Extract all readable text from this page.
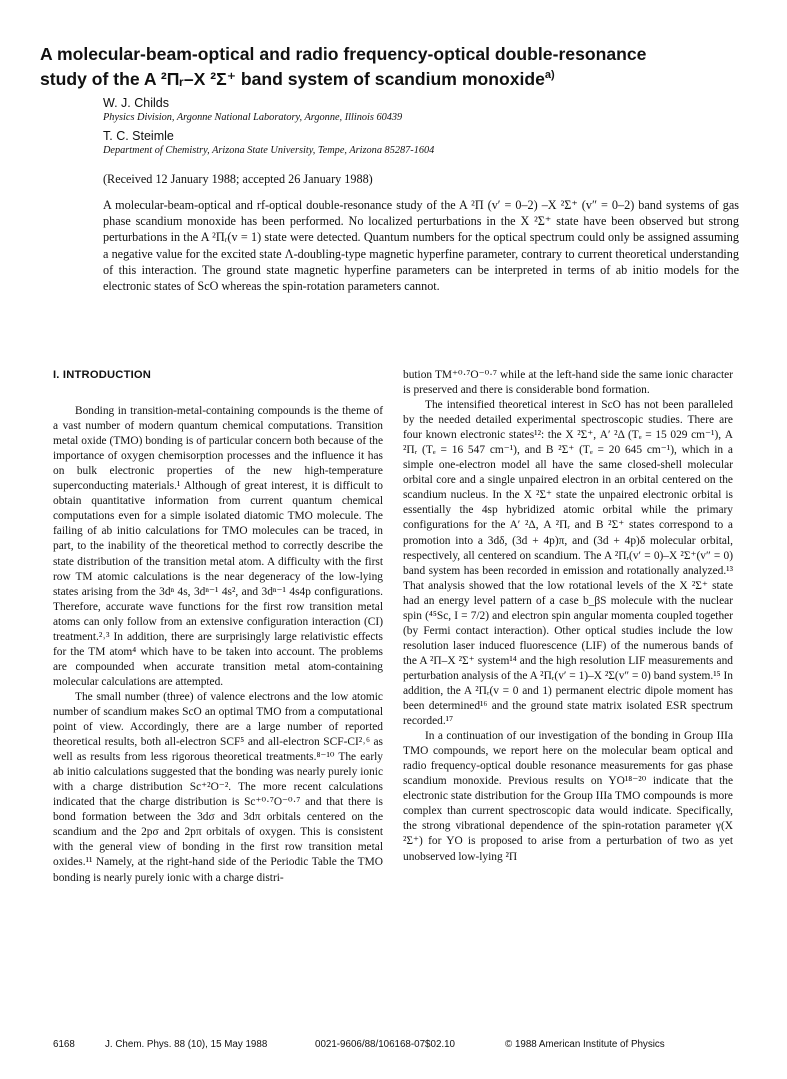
A molecular-beam-optical and radio frequency-optical double-resonance
study of the A ²Πᵣ–X ²Σ⁺ band system of scandium monoxide$^{a)}$

W. J. Childs

Physics Division, Argonne National Laboratory, Argonne, Illinois 60439

T. C. Steimle

Department of Chemistry, Arizona State University, Tempe, Arizona 85287-1604

(Received 12 January 1988; accepted 26 January 1988)

A molecular-beam-optical and rf-optical double-resonance study of the A ²Π (v′ = 0–2) –X ²Σ⁺ (v″ = 0–2) band systems of gas phase scandium monoxide has been performed. No localized perturbations in the X ²Σ⁺ state have been observed but strong perturbations in the A ²Πᵣ(v = 1) state were detected. Quantum numbers for the optical spectrum could only be assigned assuming a negative value for the excited state Λ-doubling-type magnetic hyperfine parameter, contrary to current theoretical understanding of this interaction. The ground state magnetic hyperfine parameters can be interpreted in terms of ab initio models for the electronic states of ScO whereas the spin-rotation parameters cannot.

I. INTRODUCTION

Bonding in transition-metal-containing compounds is the theme of a vast number of modern quantum chemical computations. Transition metal oxide (TMO) bonding is of particular concern both because of the importance of oxygen chemisorption processes and the influence it has on bulk electronic properties of the new high-temperature superconducting materials.¹ Although of great interest, it is difficult to obtain quantitative information from current quantum chemical computations even for a simple isolated diatomic TMO molecule. The failing of ab initio calculations for TMO molecules can be traced, in part, to the inability of the theoretical method to correctly describe the state distribution of the transition metal atom. A difficulty with the first row TM atomic calculations is the near degeneracy of the low-lying states arising from the 3dⁿ 4s, 3dⁿ⁻¹ 4s², and 3dⁿ⁻¹ 4s4p configurations. Therefore, accurate wave functions for the first row transition metal atoms can only follow from an extensive configuration interaction (CI) treatment.²˒³ In addition, there are surprisingly large relativistic effects for the TM atom⁴ which have to be taken into account. The problems are compounded when accurate transition metal atom-containing molecular calculations are attempted.

The small number (three) of valence electrons and the low atomic number of scandium makes ScO an optimal TMO from a computational point of view. Accordingly, there are a large number of reported theoretical results, both all-electron SCF⁵ and all-electron SCF-CI²˒⁶ as well as results from less rigorous theoretical treatments.⁸⁻¹⁰ The early ab initio calculations suggested that the bonding was nearly purely ionic with a charge distribution Sc⁺²O⁻². The more recent calculations indicated that the charge distribution is Sc⁺⁰·⁷O⁻⁰·⁷ and that there is bond formation between the 3dσ and 3dπ orbitals centered on the scandium and the 2pσ and 2pπ orbitals of oxygen. This is consistent with the general view of bonding in the first row transition metal oxides.¹¹ Namely, at the right-hand side of the Periodic Table the TMO bonding is nearly purely ionic with a charge distri-

bution TM⁺⁰·⁷O⁻⁰·⁷ while at the left-hand side the same ionic character is preserved and there is considerable bond formation.

The intensified theoretical interest in ScO has not been paralleled by the needed detailed experimental spectroscopic studies. There are four known electronic states¹²: the X ²Σ⁺, A′ ²Δ (Tₑ = 15 029 cm⁻¹), A ²Πᵣ (Tₑ = 16 547 cm⁻¹), and B ²Σ⁺ (Tₑ = 20 645 cm⁻¹), which in a simple one-electron model all have the same closed-shell molecular orbital core and a single unpaired electron in an orbital centered on the scandium nucleus. In the X ²Σ⁺ state the unpaired electronic orbital is essentially the 4sp hybridized atomic orbital while the primary configurations for the A′ ²Δ, A ²Πᵣ and B ²Σ⁺ states correspond to a promotion into a 3dδ, (3d + 4p)π, and (3d + 4p)δ molecular orbital, respectively, all centered on scandium. The A ²Πᵣ(v′ = 0)–X ²Σ⁺(v″ = 0) band system has been recorded in emission and rotationally analyzed.¹³ That analysis showed that the low rotational levels of the X ²Σ⁺ state had an energy level pattern of a case b_βS molecule with the nuclear spin (⁴⁵Sc, I = 7/2) and electron spin angular momenta coupled together (by Fermi contact interaction). Other optical studies include the low resolution laser induced fluorescence (LIF) of the numerous bands of the A ²Π–X ²Σ⁺ system¹⁴ and the high resolution LIF measurements and perturbation analysis of the A ²Πᵣ(v′ = 1)–X ²Σ(v″ = 0) band system.¹⁵ In addition, the A ²Πᵣ(v = 0 and 1) permanent electric dipole moment has been determined¹⁶ and the ground state matrix isolated ESR spectrum recorded.¹⁷

In a continuation of our investigation of the bonding in Group IIIa TMO compounds, we report here on the molecular beam optical and radio frequency-optical double resonance measurements for gas phase scandium monoxide. Previous results on YO¹⁸⁻²⁰ indicate that the electronic state distribution for the Group IIIa TMO compounds is more complex than current spectroscopic data would indicate. Specifically, the strong vibrational dependence of the spin-rotation parameter γ(X ²Σ⁺) for YO is proposed to arise from a perturbation of two as yet unobserved low-lying ²Π

6168	J. Chem. Phys. 88 (10), 15 May 1988	0021-9606/88/106168-07$02.10	© 1988 American Institute of Physics
